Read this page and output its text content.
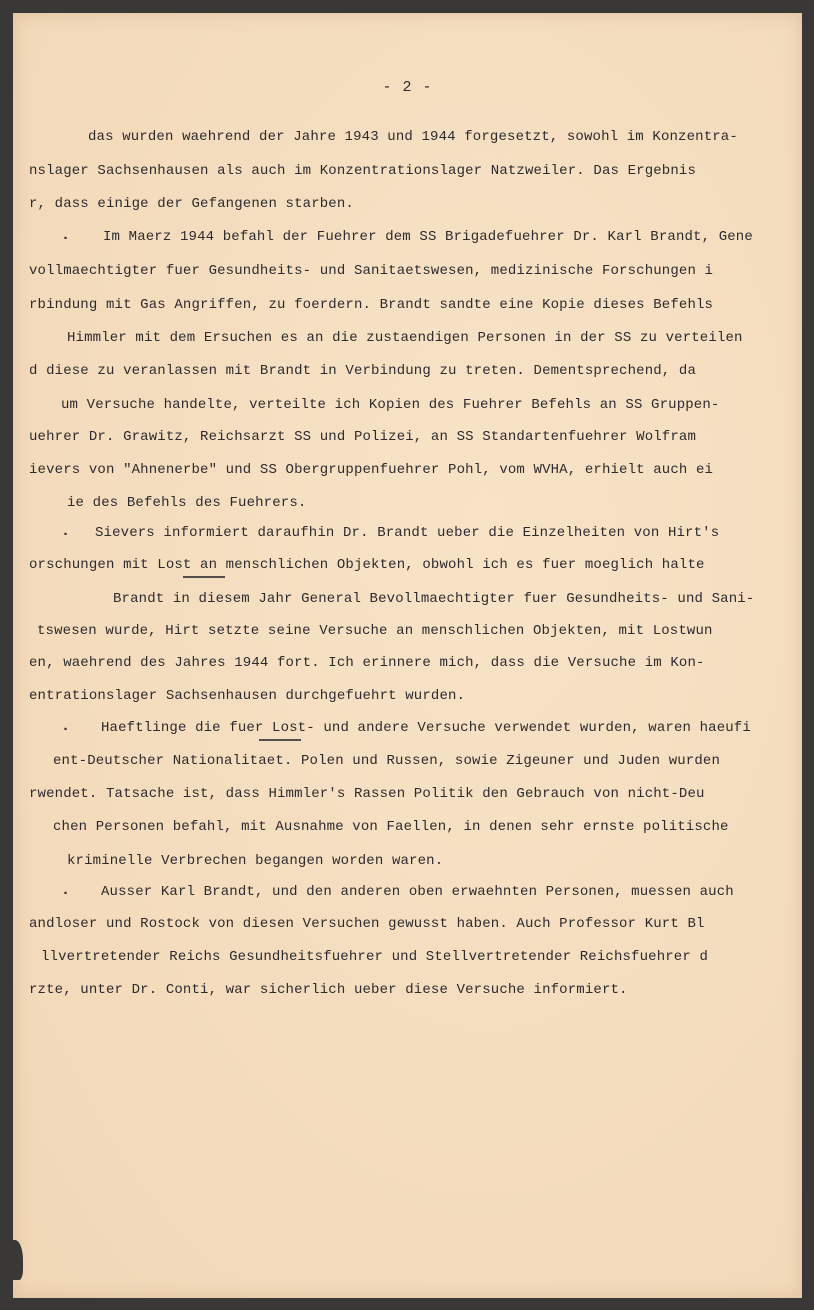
- 2 -
das wurden waehrend der Jahre 1943 und 1944 forgesetzt, sowohl im Konzentra-
nslager Sachsenhausen als auch im Konzentrationslager Natzweiler. Das Ergebnis
r, dass einige der Gefangenen starben.
. Im Maerz 1944 befahl der Fuehrer dem SS Brigadefuehrer Dr. Karl Brandt, Gene
vollmaechtigter fuer Gesundheits- und Sanitaetswesen, medizinische Forschungen i
rbindung mit Gas Angriffen, zu foerdern. Brandt sandte eine Kopie dieses Befehls
Himmler mit dem Ersuchen es an die zustaendigen Personen in der SS zu verteilen
d diese zu veranlassen mit Brandt in Verbindung zu treten. Dementsprechend, da
um Versuche handelte, verteilte ich Kopien des Fuehrer Befehls an SS Gruppen-
uehrer Dr. Grawitz, Reichsarzt SS und Polizei, an SS Standartenfuehrer Wolfram
ievers von "Ahnenerbe" und SS Obergruppenfuehrer Pohl, vom WVHA, erhielt auch ei
ie des Befehls des Fuehrers.
. Sievers informiert daraufhin Dr. Brandt ueber die Einzelheiten von Hirt's
orschungen mit Lost an menschlichen Objekten, obwohl ich es fuer moeglich halte
Brandt in diesem Jahr General Bevollmaechtigter fuer Gesundheits- und Sani-
tswesen wurde, Hirt setzte seine Versuche an menschlichen Objekten, mit Lostwun
en, waehrend des Jahres 1944 fort. Ich erinnere mich, dass die Versuche im Kon-
entrationslager Sachsenhausen durchgefuehrt wurden.
. Haeftlinge die fuer Lost- und andere Versuche verwendet wurden, waren haeufi
ent-Deutscher Nationalitaet. Polen und Russen, sowie Zigeuner und Juden wurden
rwendet. Tatsache ist, dass Himmler's Rassen Politik den Gebrauch von nicht-Deu
chen Personen befahl, mit Ausnahme von Faellen, in denen sehr ernste politische
kriminelle Verbrechen begangen worden waren.
. Ausser Karl Brandt, und den anderen oben erwaehnten Personen, muessen auch
andloser und Rostock von diesen Versuchen gewusst haben. Auch Professor Kurt Bl
llvertretender Reichs Gesundheitsfuehrer und Stellvertretender Reichsfuehrer d
rzte, unter Dr. Conti, war sicherlich ueber diese Versuche informiert.
